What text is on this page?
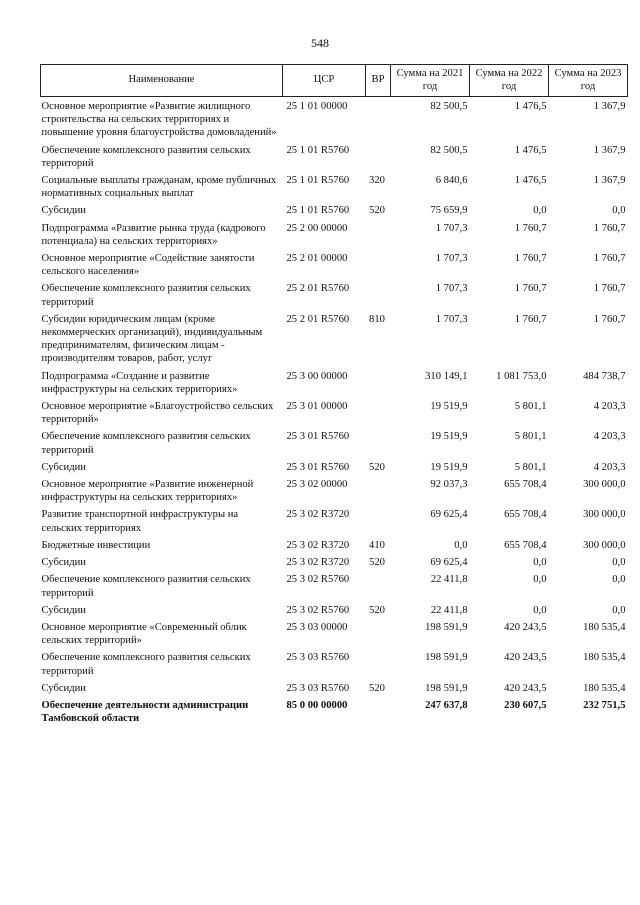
548
Наименование	ЦСР	ВР	Сумма на 2021 год	Сумма на 2022 год	Сумма на 2023 год
Основное мероприятие «Развитие жилищного строительства на сельских территориях и повышение уровня благоустройства домовладений»	25 1 01 00000		82 500,5	1 476,5	1 367,9
Обеспечение комплексного развития сельских территорий	25 1 01 R5760		82 500,5	1 476,5	1 367,9
Социальные выплаты гражданам, кроме публичных нормативных социальных выплат	25 1 01 R5760	320	6 840,6	1 476,5	1 367,9
Субсидии	25 1 01 R5760	520	75 659,9	0,0	0,0
Подпрограмма «Развитие рынка труда (кадрового потенциала) на сельских территориях»	25 2 00 00000		1 707,3	1 760,7	1 760,7
Основное мероприятие «Содействие занятости сельского населения»	25 2 01 00000		1 707,3	1 760,7	1 760,7
Обеспечение комплексного развития сельских территорий	25 2 01 R5760		1 707,3	1 760,7	1 760,7
Субсидии юридическим лицам (кроме некоммерческих организаций), индивидуальным предпринимателям, физическим лицам - производителям товаров, работ, услуг	25 2 01 R5760	810	1 707,3	1 760,7	1 760,7
Подпрограмма «Создание и развитие инфраструктуры на сельских территориях»	25 3 00 00000		310 149,1	1 081 753,0	484 738,7
Основное мероприятие «Благоустройство сельских территорий»	25 3 01 00000		19 519,9	5 801,1	4 203,3
Обеспечение комплексного развития сельских территорий	25 3 01 R5760		19 519,9	5 801,1	4 203,3
Субсидии	25 3 01 R5760	520	19 519,9	5 801,1	4 203,3
Основное мероприятие «Развитие инженерной инфраструктуры на сельских территориях»	25 3 02 00000		92 037,3	655 708,4	300 000,0
Развитие транспортной инфраструктуры на сельских территориях	25 3 02 R3720		69 625,4	655 708,4	300 000,0
Бюджетные инвестиции	25 3 02 R3720	410	0,0	655 708,4	300 000,0
Субсидии	25 3 02 R3720	520	69 625,4	0,0	0,0
Обеспечение комплексного развития сельских территорий	25 3 02 R5760		22 411,8	0,0	0,0
Субсидии	25 3 02 R5760	520	22 411,8	0,0	0,0
Основное мероприятие «Современный облик сельских территорий»	25 3 03 00000		198 591,9	420 243,5	180 535,4
Обеспечение комплексного развития сельских территорий	25 3 03 R5760		198 591,9	420 243,5	180 535,4
Субсидии	25 3 03 R5760	520	198 591,9	420 243,5	180 535,4
Обеспечение деятельности администрации Тамбовской области	85 0 00 00000		247 637,8	230 607,5	232 751,5
